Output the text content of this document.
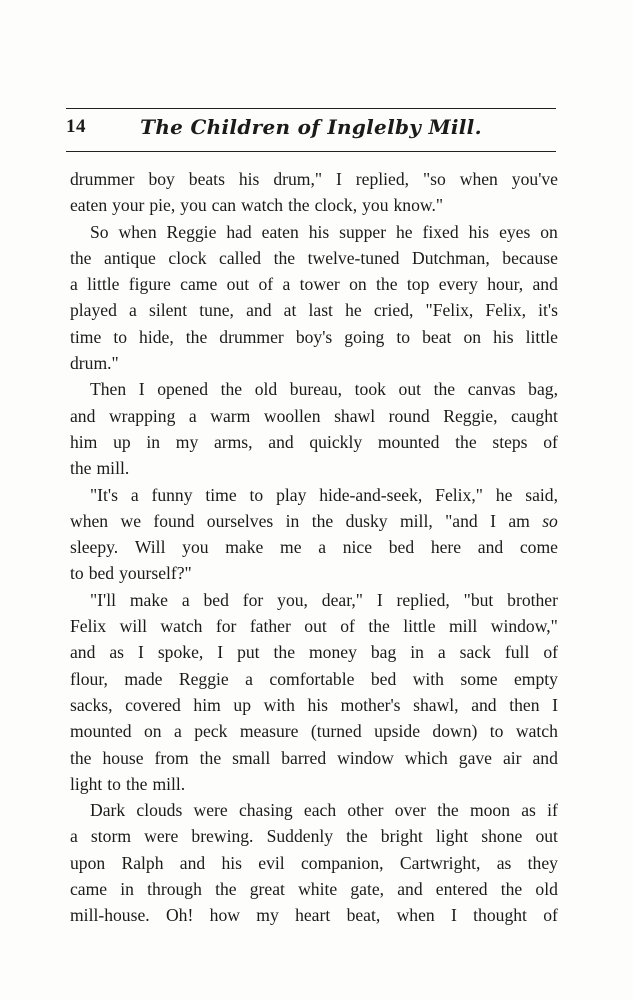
14	The Children of Inglelby Mill.
drummer boy beats his drum," I replied, "so when you've
eaten your pie, you can watch the clock, you know."
So when Reggie had eaten his supper he fixed his eyes on
the antique clock called the twelve-tuned Dutchman, because
a little figure came out of a tower on the top every hour, and
played a silent tune, and at last he cried, "Felix, Felix, it's
time to hide, the drummer boy's going to beat on his little
drum."
Then I opened the old bureau, took out the canvas bag,
and wrapping a warm woollen shawl round Reggie, caught
him up in my arms, and quickly mounted the steps of
the mill.
"It's a funny time to play hide-and-seek, Felix," he said,
when we found ourselves in the dusky mill, "and I am so
sleepy. Will you make me a nice bed here and come
to bed yourself?"
"I'll make a bed for you, dear," I replied, "but brother
Felix will watch for father out of the little mill window,"
and as I spoke, I put the money bag in a sack full of
flour, made Reggie a comfortable bed with some empty
sacks, covered him up with his mother's shawl, and then I
mounted on a peck measure (turned upside down) to watch
the house from the small barred window which gave air and
light to the mill.
Dark clouds were chasing each other over the moon as if
a storm were brewing. Suddenly the bright light shone out
upon Ralph and his evil companion, Cartwright, as they
came in through the great white gate, and entered the old
mill-house. Oh! how my heart beat, when I thought of
